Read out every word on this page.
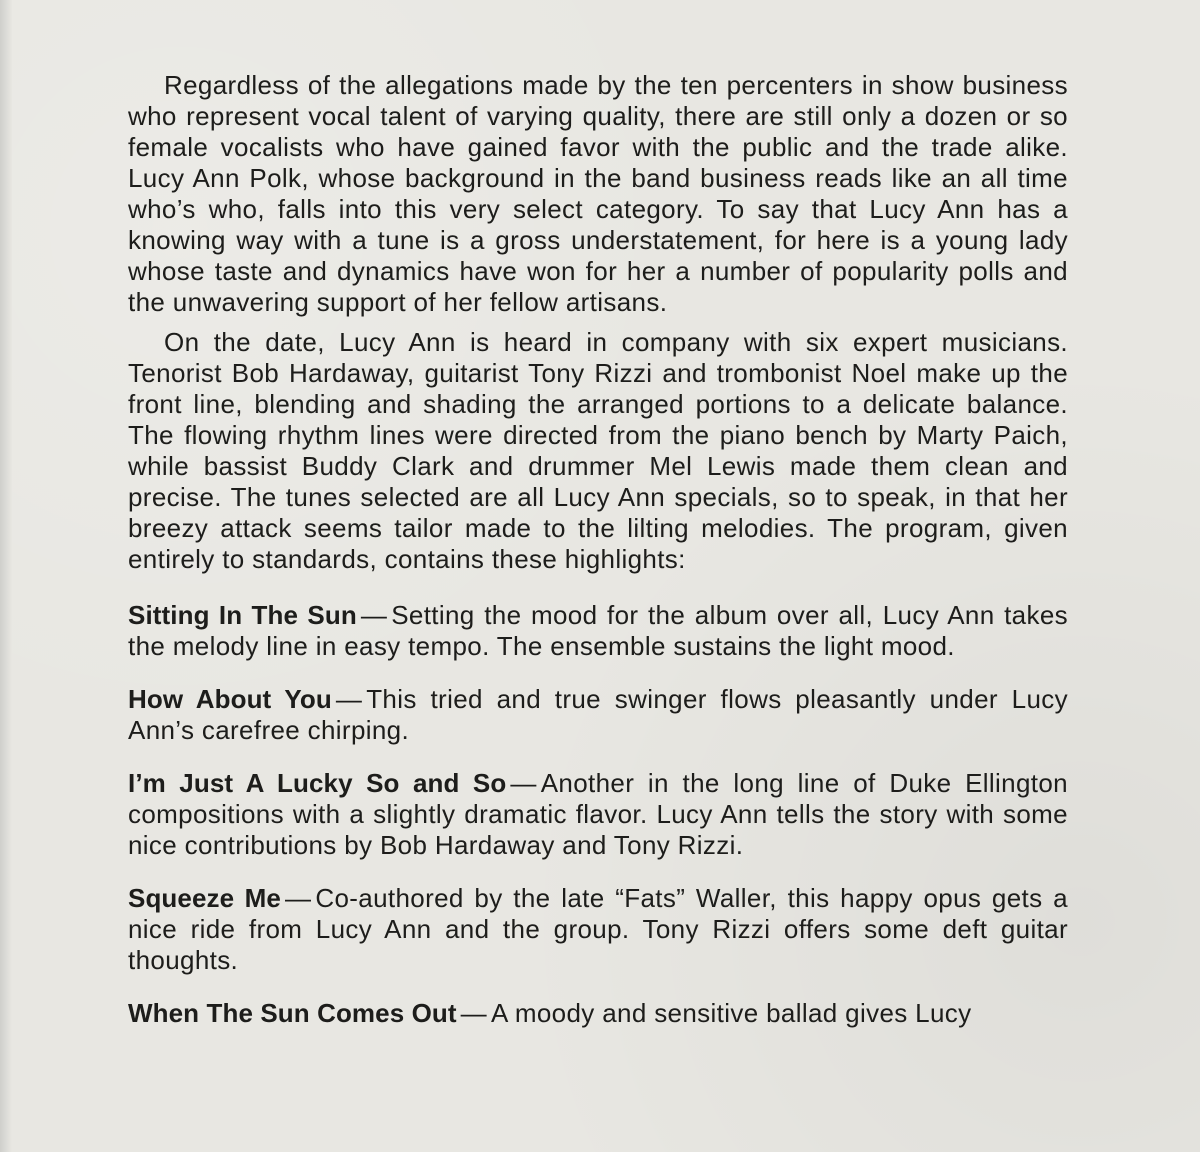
Regardless of the allegations made by the ten percenters in show business who represent vocal talent of varying quality, there are still only a dozen or so female vocalists who have gained favor with the public and the trade alike. Lucy Ann Polk, whose background in the band business reads like an all time who’s who, falls into this very select category. To say that Lucy Ann has a knowing way with a tune is a gross understatement, for here is a young lady whose taste and dynamics have won for her a number of popularity polls and the unwavering support of her fellow artisans.

On the date, Lucy Ann is heard in company with six expert musicians. Tenorist Bob Hardaway, guitarist Tony Rizzi and trombonist Noel make up the front line, blending and shading the arranged portions to a delicate balance. The flowing rhythm lines were directed from the piano bench by Marty Paich, while bassist Buddy Clark and drummer Mel Lewis made them clean and precise. The tunes selected are all Lucy Ann specials, so to speak, in that her breezy attack seems tailor made to the lilting melodies. The program, given entirely to standards, contains these highlights:

Sitting In The Sun — Setting the mood for the album over all, Lucy Ann takes the melody line in easy tempo. The ensemble sustains the light mood.

How About You — This tried and true swinger flows pleasantly under Lucy Ann’s carefree chirping.

I’m Just A Lucky So and So — Another in the long line of Duke Ellington compositions with a slightly dramatic flavor. Lucy Ann tells the story with some nice contributions by Bob Hardaway and Tony Rizzi.

Squeeze Me — Co-authored by the late “Fats” Waller, this happy opus gets a nice ride from Lucy Ann and the group. Tony Rizzi offers some deft guitar thoughts.

When The Sun Comes Out — A moody and sensitive ballad gives Lucy
